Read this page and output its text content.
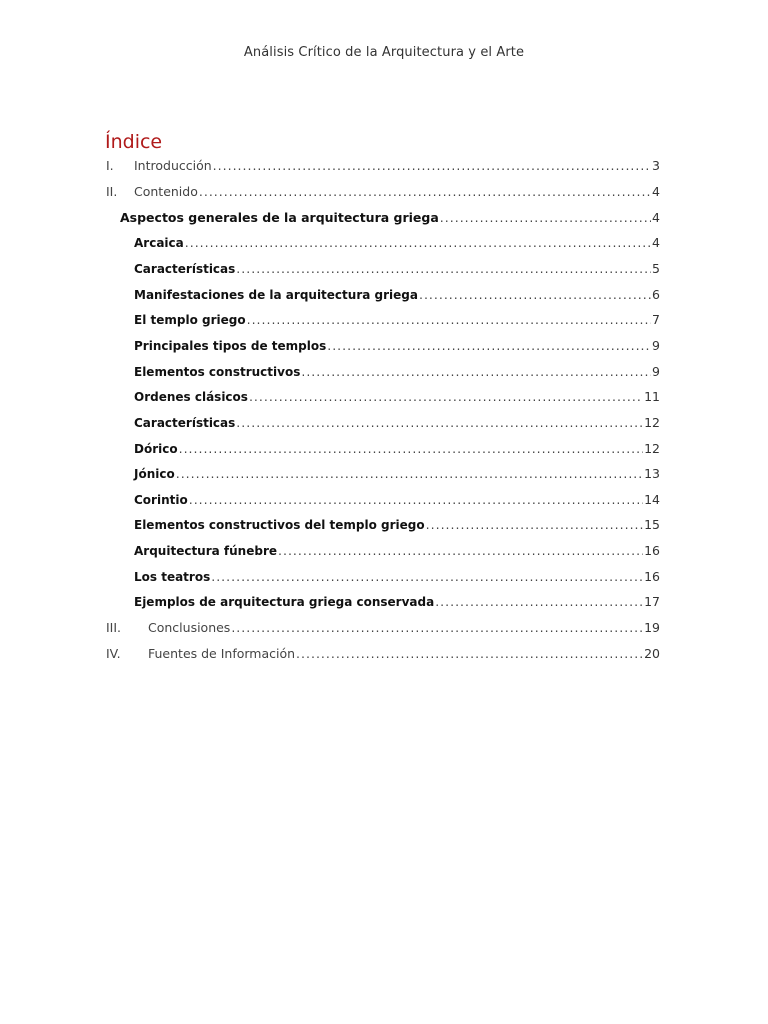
Análisis Crítico de la Arquitectura y el Arte
Índice
I. Introducción .....	3
II. Contenido .....	4
Aspectos generales de la arquitectura griega .....	4
Arcaica .....	4
Características .....	5
Manifestaciones de la arquitectura griega .....	6
El templo griego .....	7
Principales tipos de templos .....	9
Elementos constructivos .....	9
Ordenes clásicos .....	11
Características .....	12
Dórico .....	12
Jónico .....	13
Corintio .....	14
Elementos constructivos del templo griego .....	15
Arquitectura fúnebre .....	16
Los teatros .....	16
Ejemplos de arquitectura griega conservada .....	17
III. Conclusiones .....	19
IV. Fuentes de Información .....	20
